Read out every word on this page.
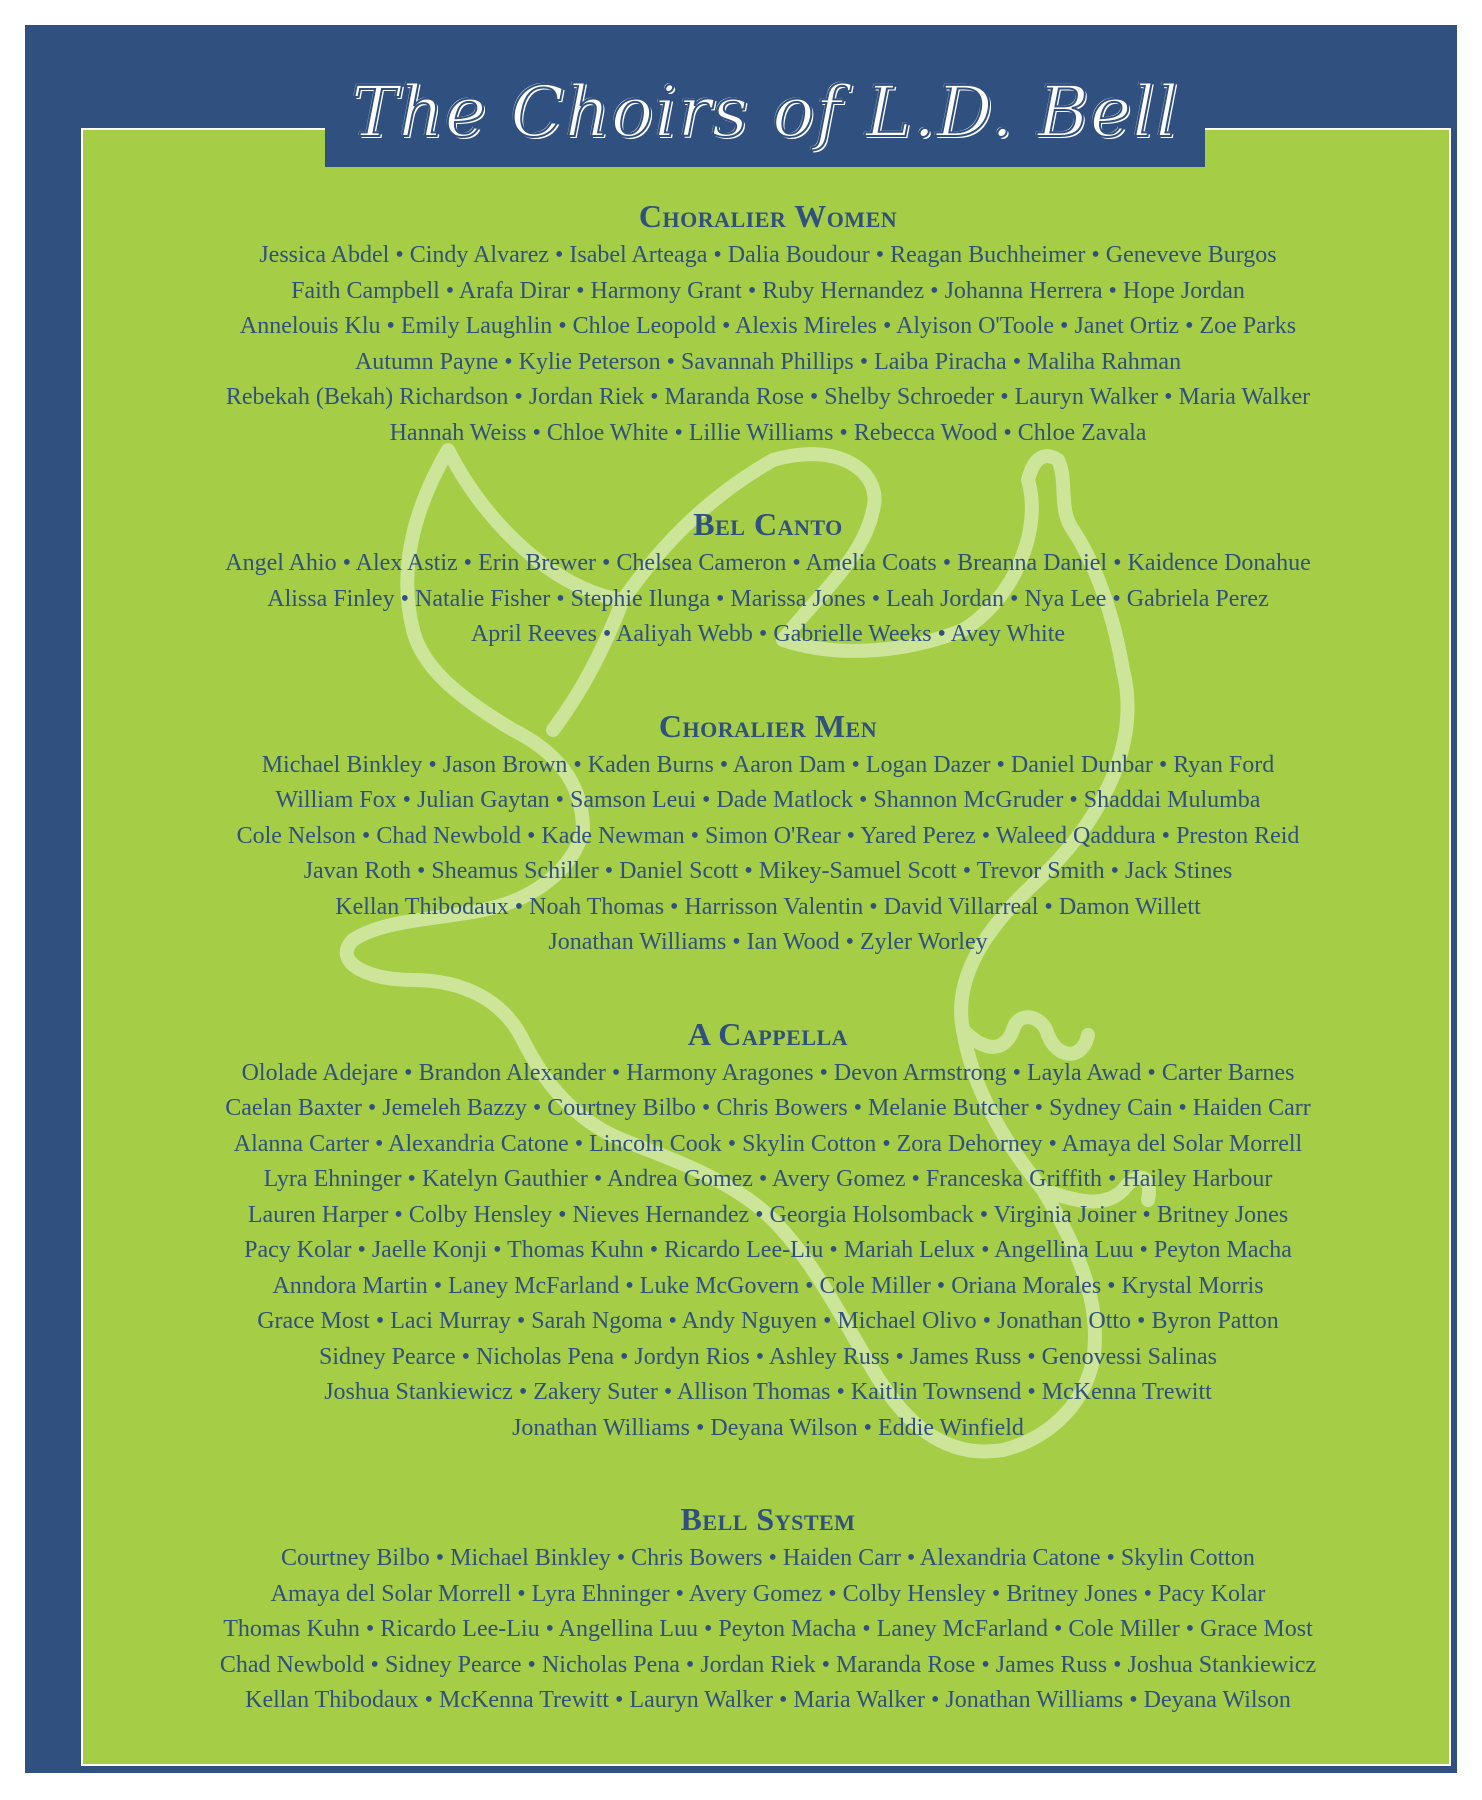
Choralier Women
Jessica Abdel • Cindy Alvarez • Isabel Arteaga • Dalia Boudour • Reagan Buchheimer • Geneveve Burgos
Faith Campbell • Arafa Dirar • Harmony Grant • Ruby Hernandez • Johanna Herrera • Hope Jordan
Annelouis Klu • Emily Laughlin • Chloe Leopold • Alexis Mireles • Alyison O'Toole • Janet Ortiz • Zoe Parks
Autumn Payne • Kylie Peterson • Savannah Phillips • Laiba Piracha • Maliha Rahman
Rebekah (Bekah) Richardson • Jordan Riek • Maranda Rose • Shelby Schroeder • Lauryn Walker • Maria Walker
Hannah Weiss • Chloe White • Lillie Williams • Rebecca Wood • Chloe Zavala
Bel Canto
Angel Ahio • Alex Astiz • Erin Brewer • Chelsea Cameron • Amelia Coats • Breanna Daniel • Kaidence Donahue
Alissa Finley • Natalie Fisher • Stephie Ilunga • Marissa Jones • Leah Jordan • Nya Lee • Gabriela Perez
April Reeves • Aaliyah Webb • Gabrielle Weeks • Avey White
Choralier Men
Michael Binkley • Jason Brown • Kaden Burns • Aaron Dam • Logan Dazer • Daniel Dunbar • Ryan Ford
William Fox • Julian Gaytan • Samson Leui • Dade Matlock • Shannon McGruder • Shaddai Mulumba
Cole Nelson • Chad Newbold • Kade Newman • Simon O'Rear • Yared Perez • Waleed Qaddura • Preston Reid
Javan Roth • Sheamus Schiller • Daniel Scott • Mikey-Samuel Scott • Trevor Smith • Jack Stines
Kellan Thibodaux • Noah Thomas • Harrisson Valentin • David Villarreal • Damon Willett
Jonathan Williams • Ian Wood • Zyler Worley
A Cappella
Ololade Adejare • Brandon Alexander • Harmony Aragones • Devon Armstrong • Layla Awad • Carter Barnes
Caelan Baxter • Jemeleh Bazzy • Courtney Bilbo • Chris Bowers • Melanie Butcher • Sydney Cain • Haiden Carr
Alanna Carter • Alexandria Catone • Lincoln Cook • Skylin Cotton • Zora Dehorney • Amaya del Solar Morrell
Lyra Ehninger • Katelyn Gauthier • Andrea Gomez • Avery Gomez • Franceska Griffith • Hailey Harbour
Lauren Harper • Colby Hensley • Nieves Hernandez • Georgia Holsomback • Virginia Joiner • Britney Jones
Pacy Kolar • Jaelle Konji • Thomas Kuhn • Ricardo Lee-Liu • Mariah Lelux • Angellina Luu • Peyton Macha
Anndora Martin • Laney McFarland • Luke McGovern • Cole Miller • Oriana Morales • Krystal Morris
Grace Most • Laci Murray • Sarah Ngoma • Andy Nguyen • Michael Olivo • Jonathan Otto • Byron Patton
Sidney Pearce • Nicholas Pena • Jordyn Rios • Ashley Russ • James Russ • Genovessi Salinas
Joshua Stankiewicz • Zakery Suter • Allison Thomas • Kaitlin Townsend • McKenna Trewitt
Jonathan Williams • Deyana Wilson • Eddie Winfield
Bell System
Courtney Bilbo • Michael Binkley • Chris Bowers • Haiden Carr • Alexandria Catone • Skylin Cotton
Amaya del Solar Morrell • Lyra Ehninger • Avery Gomez • Colby Hensley • Britney Jones • Pacy Kolar
Thomas Kuhn • Ricardo Lee-Liu • Angellina Luu • Peyton Macha • Laney McFarland • Cole Miller • Grace Most
Chad Newbold • Sidney Pearce • Nicholas Pena • Jordan Riek • Maranda Rose • James Russ • Joshua Stankiewicz
Kellan Thibodaux • McKenna Trewitt • Lauryn Walker • Maria Walker • Jonathan Williams • Deyana Wilson
The Choirs of L.D. Bell
